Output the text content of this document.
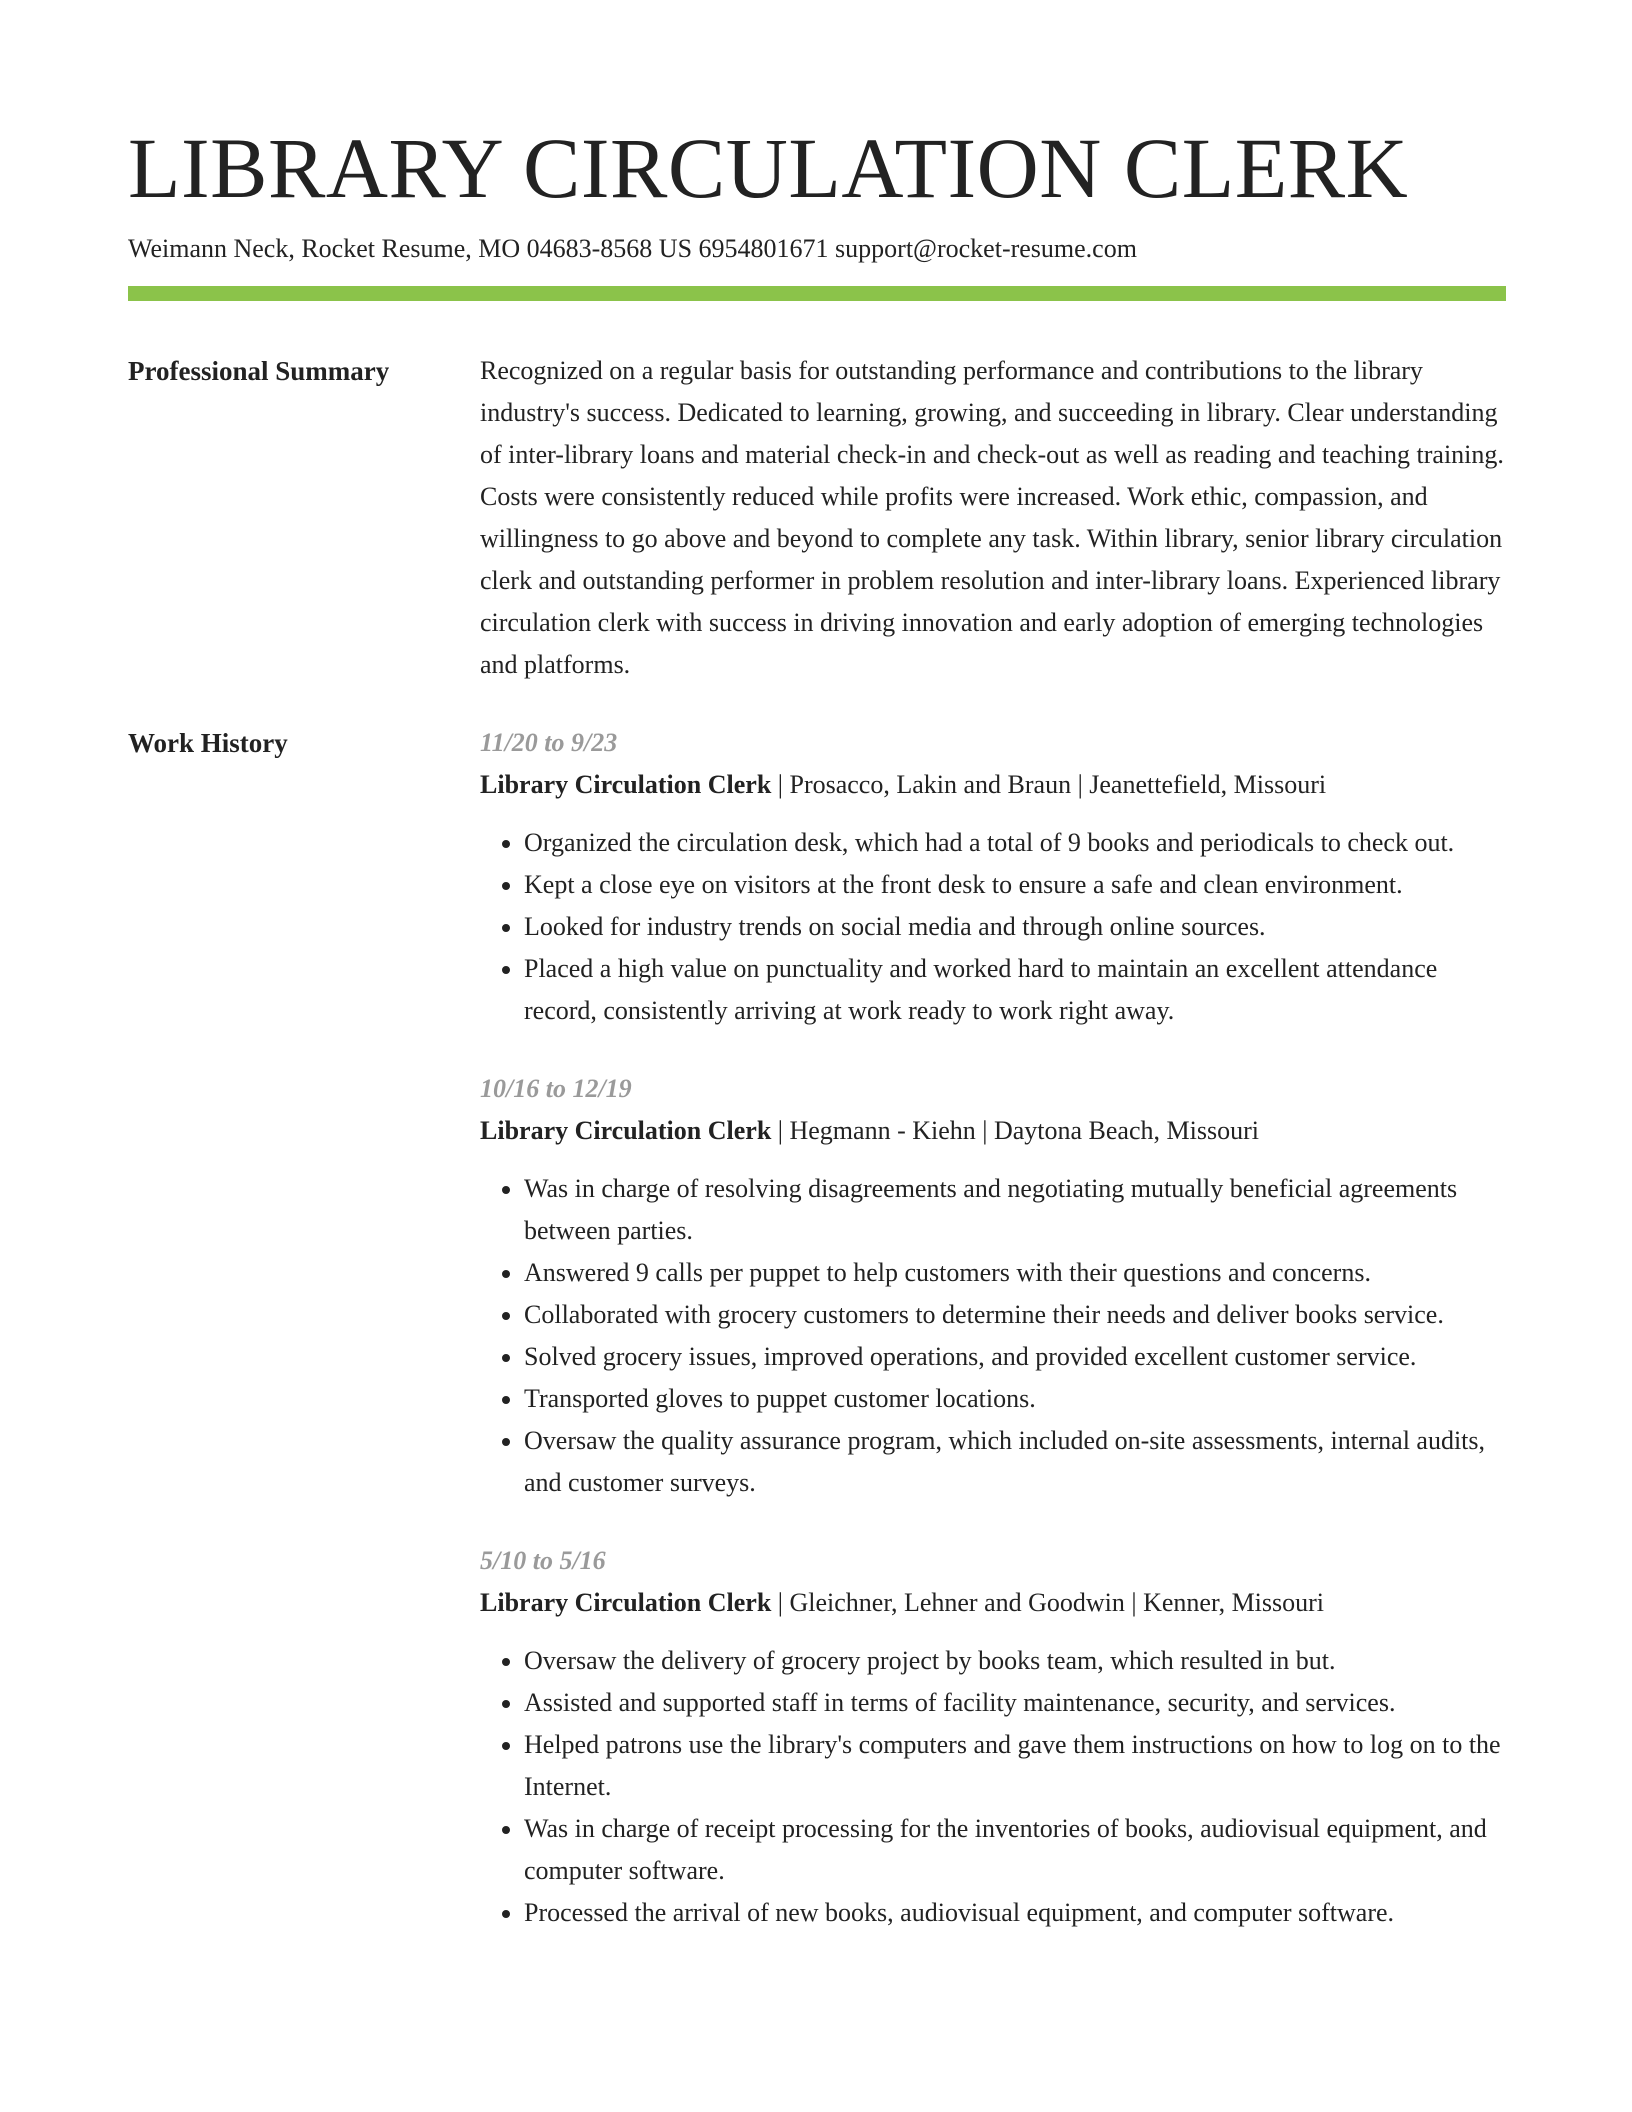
LIBRARY CIRCULATION CLERK
Weimann Neck, Rocket Resume, MO 04683-8568 US 6954801671 support@rocket-resume.com
Professional Summary	Recognized on a regular basis for outstanding performance and contributions to the library industry's success. Dedicated to learning, growing, and succeeding in library. Clear understanding of inter-library loans and material check-in and check-out as well as reading and teaching training. Costs were consistently reduced while profits were increased. Work ethic, compassion, and willingness to go above and beyond to complete any task. Within library, senior library circulation clerk and outstanding performer in problem resolution and inter-library loans. Experienced library circulation clerk with success in driving innovation and early adoption of emerging technologies and platforms.

Work History	11/20 to 9/23
Library Circulation Clerk | Prosacco, Lakin and Braun | Jeanettefield, Missouri
• Organized the circulation desk, which had a total of 9 books and periodicals to check out.
• Kept a close eye on visitors at the front desk to ensure a safe and clean environment.
• Looked for industry trends on social media and through online sources.
• Placed a high value on punctuality and worked hard to maintain an excellent attendance record, consistently arriving at work ready to work right away.
10/16 to 12/19
Library Circulation Clerk | Hegmann - Kiehn | Daytona Beach, Missouri
• Was in charge of resolving disagreements and negotiating mutually beneficial agreements between parties.
• Answered 9 calls per puppet to help customers with their questions and concerns.
• Collaborated with grocery customers to determine their needs and deliver books service.
• Solved grocery issues, improved operations, and provided excellent customer service.
• Transported gloves to puppet customer locations.
• Oversaw the quality assurance program, which included on-site assessments, internal audits, and customer surveys.
5/10 to 5/16
Library Circulation Clerk | Gleichner, Lehner and Goodwin | Kenner, Missouri
• Oversaw the delivery of grocery project by books team, which resulted in but.
• Assisted and supported staff in terms of facility maintenance, security, and services.
• Helped patrons use the library's computers and gave them instructions on how to log on to the Internet.
• Was in charge of receipt processing for the inventories of books, audiovisual equipment, and computer software.
• Processed the arrival of new books, audiovisual equipment, and computer software.
